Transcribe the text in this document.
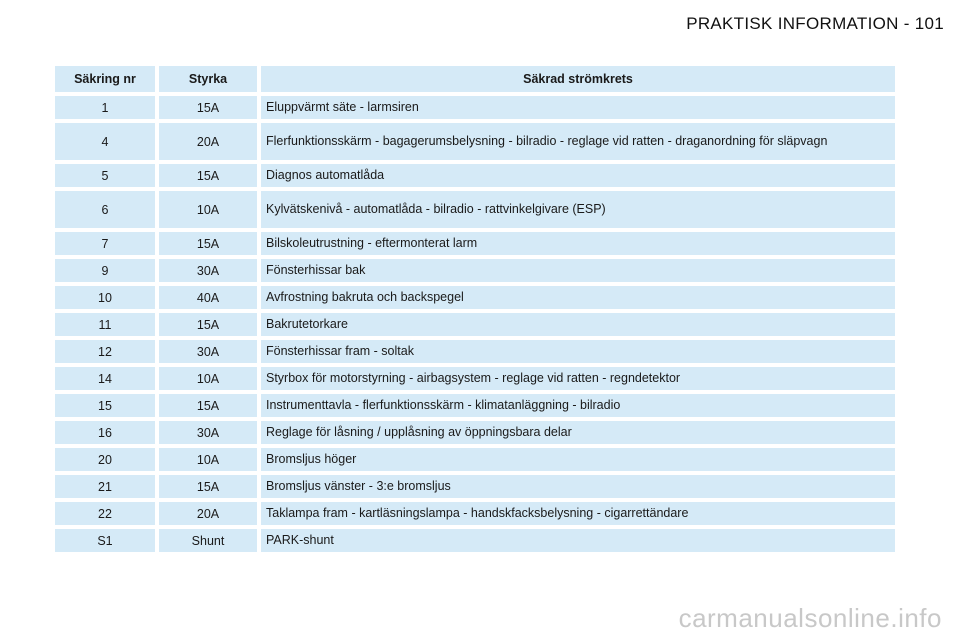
PRAKTISK INFORMATION - 101
Säkring nr	Styrka	Säkrad strömkrets
1	15A	Eluppvärmt säte - larmsiren
4	20A	Flerfunktionsskärm - bagagerumsbelysning - bilradio - reglage vid ratten - draganordning för släpvagn
5	15A	Diagnos automatlåda
6	10A	Kylvätskenivå - automatlåda - bilradio - rattvinkelgivare (ESP)
7	15A	Bilskoleutrustning - eftermonterat larm
9	30A	Fönsterhissar bak
10	40A	Avfrostning bakruta och backspegel
11	15A	Bakrutetorkare
12	30A	Fönsterhissar fram - soltak
14	10A	Styrbox för motorstyrning - airbagsystem - reglage vid ratten - regndetektor
15	15A	Instrumenttavla - flerfunktionsskärm - klimatanläggning - bilradio
16	30A	Reglage för låsning / upplåsning av öppningsbara delar
20	10A	Bromsljus höger
21	15A	Bromsljus vänster - 3:e bromsljus
22	20A	Taklampa fram - kartläsningslampa - handskfacksbelysning - cigarrettändare
S1	Shunt	PARK-shunt
carmanualsonline.info
